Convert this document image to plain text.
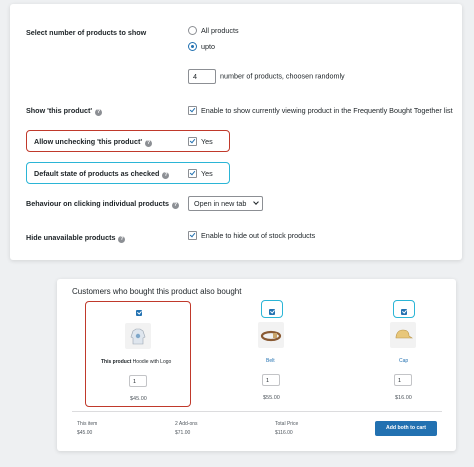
Select number of products to show	All products
upto
4	number of products, choosen randomly
Show 'this product' ?	Enable to show currently viewing product in the Frequently Bought Together list
Allow unchecking 'this product' ?	Yes
Default state of products as checked ?	Yes
Behaviour on clicking individual products ?	Open in new tab
Hide unavailable products ?	Enable to hide out of stock products
Customers who bought this product also bought
This product Hoodie with Logo
1
$45.00
Belt
1
$55.00
Cap
1
$16.00
This item
$45.00
2 Add-ons
$71.00
Total Price
$116.00
Add both to cart
